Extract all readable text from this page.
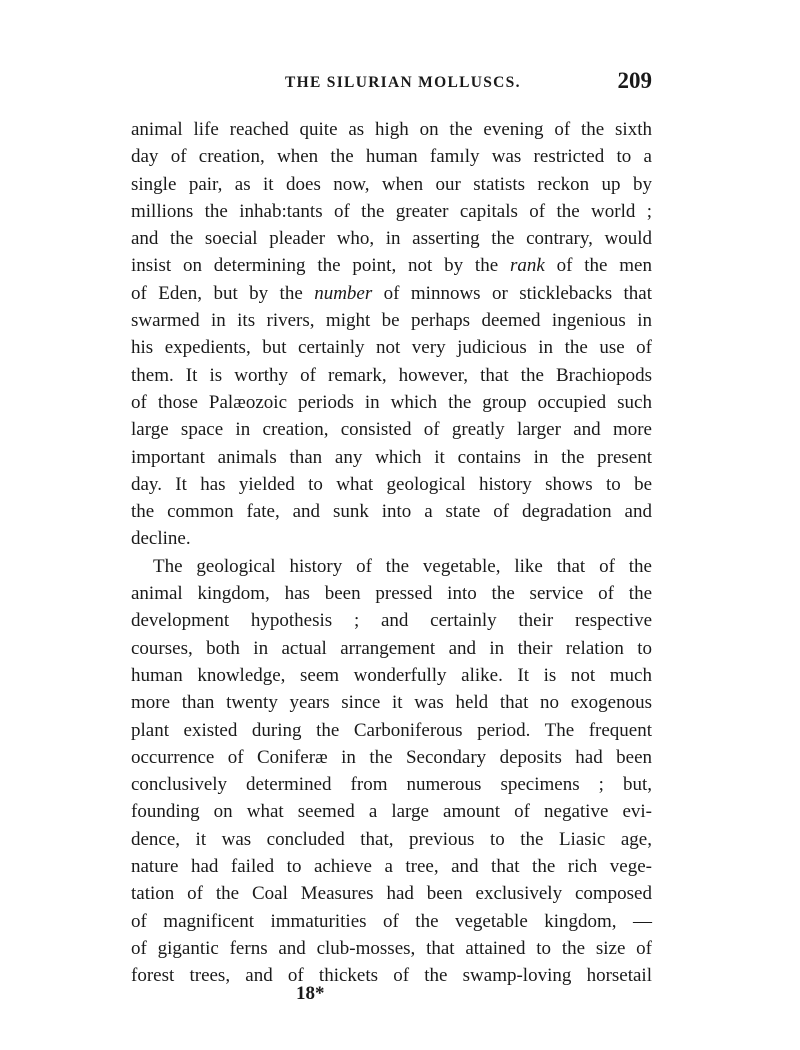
THE SILURIAN MOLLUSCS.	209
animal life reached quite as high on the evening of the sixth
day of creation, when the human famıly was restricted to a
single pair, as it does now, when our statists reckon up by
millions the inhab:tants of the greater capitals of the world ;
and the soecial pleader who, in asserting the contrary, would
insist on determining the point, not by the rank of the men
of Eden, but by the number of minnows or sticklebacks that
swarmed in its rivers, might be perhaps deemed ingenious in
his expedients, but certainly not very judicious in the use of
them. It is worthy of remark, however, that the Brachiopods
of those Palæozoic periods in which the group occupied such
large space in creation, consisted of greatly larger and more
important animals than any which it contains in the present
day. It has yielded to what geological history shows to be
the common fate, and sunk into a state of degradation and
decline.
The geological history of the vegetable, like that of the
animal kingdom, has been pressed into the service of the
development hypothesis ; and certainly their respective
courses, both in actual arrangement and in their relation to
human knowledge, seem wonderfully alike. It is not much
more than twenty years since it was held that no exogenous
plant existed during the Carboniferous period. The frequent
occurrence of Coniferæ in the Secondary deposits had been
conclusively determined from numerous specimens ; but,
founding on what seemed a large amount of negative evi-
dence, it was concluded that, previous to the Liasic age,
nature had failed to achieve a tree, and that the rich vege-
tation of the Coal Measures had been exclusively composed
of magnificent immaturities of the vegetable kingdom, —
of gigantic ferns and club-mosses, that attained to the size of
forest trees, and of thickets of the swamp-loving horsetail
18*
